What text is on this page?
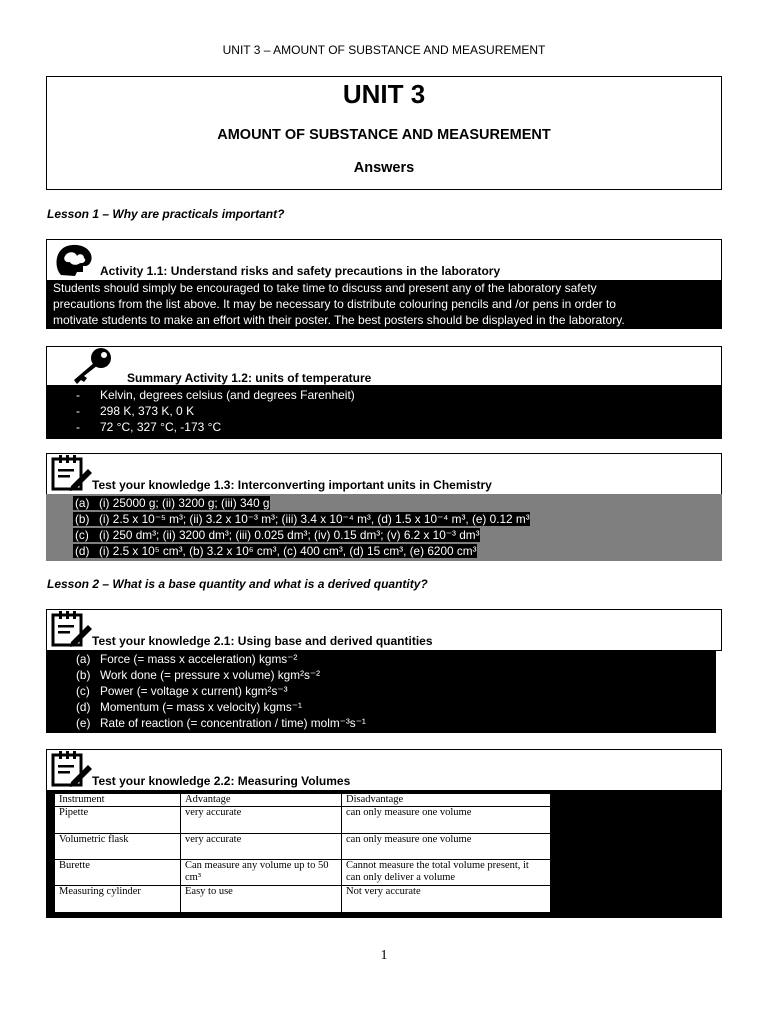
UNIT 3 – AMOUNT OF SUBSTANCE AND MEASUREMENT
UNIT 3
AMOUNT OF SUBSTANCE AND MEASUREMENT
Answers
Lesson 1 – Why are practicals important?
Activity 1.1: Understand risks and safety precautions in the laboratory

Students should simply be encouraged to take time to discuss and present any of the laboratory safety

precautions from the list above. It may be necessary to distribute colouring pencils and /or pens in order to

motivate students to make an effort with their poster. The best posters should be displayed in the laboratory.

Summary Activity 1.2: units of temperature
- Kelvin, degrees celsius (and degrees Farenheit)
- 298 K, 373 K, 0 K
- 72 °C, 327 °C, -173 °C
Test your knowledge 1.3: Interconverting important units in Chemistry
(a) (i) 25000 g; (ii) 3200 g; (iii) 340 g
(b) (i) 2.5 x 10⁻⁵ m³; (ii) 3.2 x 10⁻³ m³; (iii) 3.4 x 10⁻⁴ m³, (d) 1.5 x 10⁻⁴ m³, (e) 0.12 m³
(c) (i) 250 dm³; (ii) 3200 dm³; (iii) 0.025 dm³; (iv) 0.15 dm³; (v) 6.2 x 10⁻³ dm³
(d) (i) 2.5 x 10⁵ cm³, (b) 3.2 x 10⁶ cm³, (c) 400 cm³, (d) 15 cm³, (e) 6200 cm³
Lesson 2 – What is a base quantity and what is a derived quantity?
Test your knowledge 2.1: Using base and derived quantities
(a) Force (= mass x acceleration) kgms⁻²
(b) Work done (= pressure x volume) kgm²s⁻²
(c) Power (= voltage x current) kgm²s⁻³
(d) Momentum (= mass x velocity) kgms⁻¹
(e) Rate of reaction (= concentration / time) molm⁻³s⁻¹
Test your knowledge 2.2: Measuring Volumes
Instrument	Advantage	Disadvantage
Pipette	very accurate	can only measure one volume
Volumetric flask	very accurate	can only measure one volume
Burette	Can measure any volume up to 50 cm³	Cannot measure the total volume present, it can only deliver a volume
Measuring cylinder	Easy to use	Not very accurate
1
